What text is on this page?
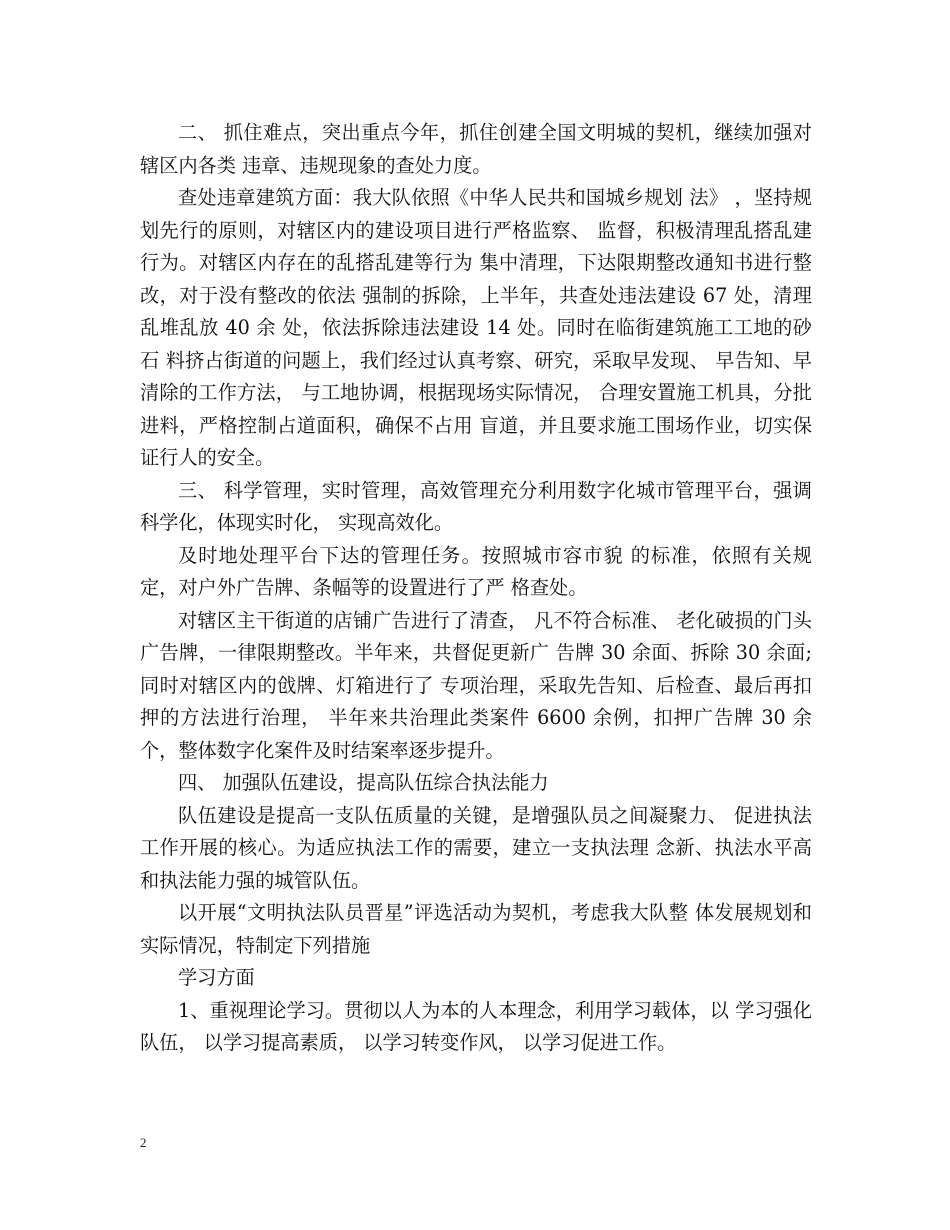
二、 抓住难点，突出重点今年，抓住创建全国文明城的契机，继续加强对辖区内各类 违章、违规现象的查处力度。

查处违章建筑方面：我大队依照《中华人民共和国城乡规划 法》 ，坚持规划先行的原则，对辖区内的建设项目进行严格监察、 监督，积极清理乱搭乱建行为。对辖区内存在的乱搭乱建等行为 集中清理，下达限期整改通知书进行整改，对于没有整改的依法 强制的拆除，上半年，共查处违法建设 67 处，清理乱堆乱放 40 余 处，依法拆除违法建设 14 处。同时在临街建筑施工工地的砂石 料挤占街道的问题上，我们经过认真考察、研究，采取早发现、 早告知、早清除的工作方法， 与工地协调，根据现场实际情况， 合理安置施工机具，分批进料，严格控制占道面积，确保不占用 盲道，并且要求施工围场作业，切实保证行人的安全。

三、 科学管理，实时管理，高效管理充分利用数字化城市管理平台，强调科学化，体现实时化， 实现高效化。

及时地处理平台下达的管理任务。按照城市容市貌 的标准，依照有关规定，对户外广告牌、条幅等的设置进行了严 格查处。

对辖区主干街道的店铺广告进行了清查， 凡不符合标准、 老化破损的门头广告牌，一律限期整改。半年来，共督促更新广 告牌 30 余面、拆除 30 余面;同时对辖区内的戗牌、灯箱进行了 专项治理，采取先告知、后检查、最后再扣押的方法进行治理， 半年来共治理此类案件 6600 余例，扣押广告牌 30 余个，整体数字化案件及时结案率逐步提升。

四、 加强队伍建设，提高队伍综合执法能力

队伍建设是提高一支队伍质量的关键，是增强队员之间凝聚力、 促进执法工作开展的核心。为适应执法工作的需要，建立一支执法理 念新、执法水平高和执法能力强的城管队伍。

以开展“文明执法队员晋星”评选活动为契机，考虑我大队整 体发展规划和实际情况，特制定下列措施

学习方面

1、重视理论学习。贯彻以人为本的人本理念，利用学习载体，以 学习强化队伍， 以学习提高素质， 以学习转变作风， 以学习促进工作。

2
